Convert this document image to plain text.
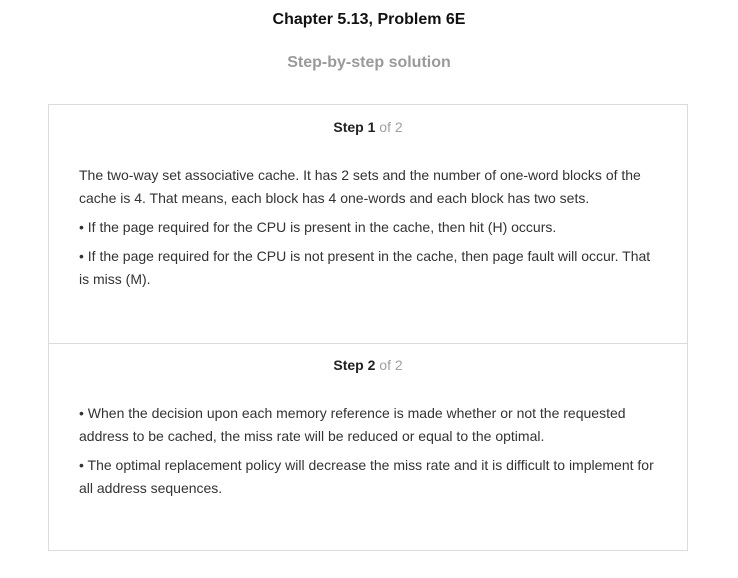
Chapter 5.13, Problem 6E
Step-by-step solution
Step 1 of 2
Step 2 of 2

The two-way set associative cache. It has 2 sets and the number of one-word blocks of the cache is 4. That means, each block has 4 one-words and each block has two sets.

• If the page required for the CPU is present in the cache, then hit (H) occurs.

• If the page required for the CPU is not present in the cache, then page fault will occur. That is miss (M).

• When the decision upon each memory reference is made whether or not the requested address to be cached, the miss rate will be reduced or equal to the optimal.

• The optimal replacement policy will decrease the miss rate and it is difficult to implement for all address sequences.
